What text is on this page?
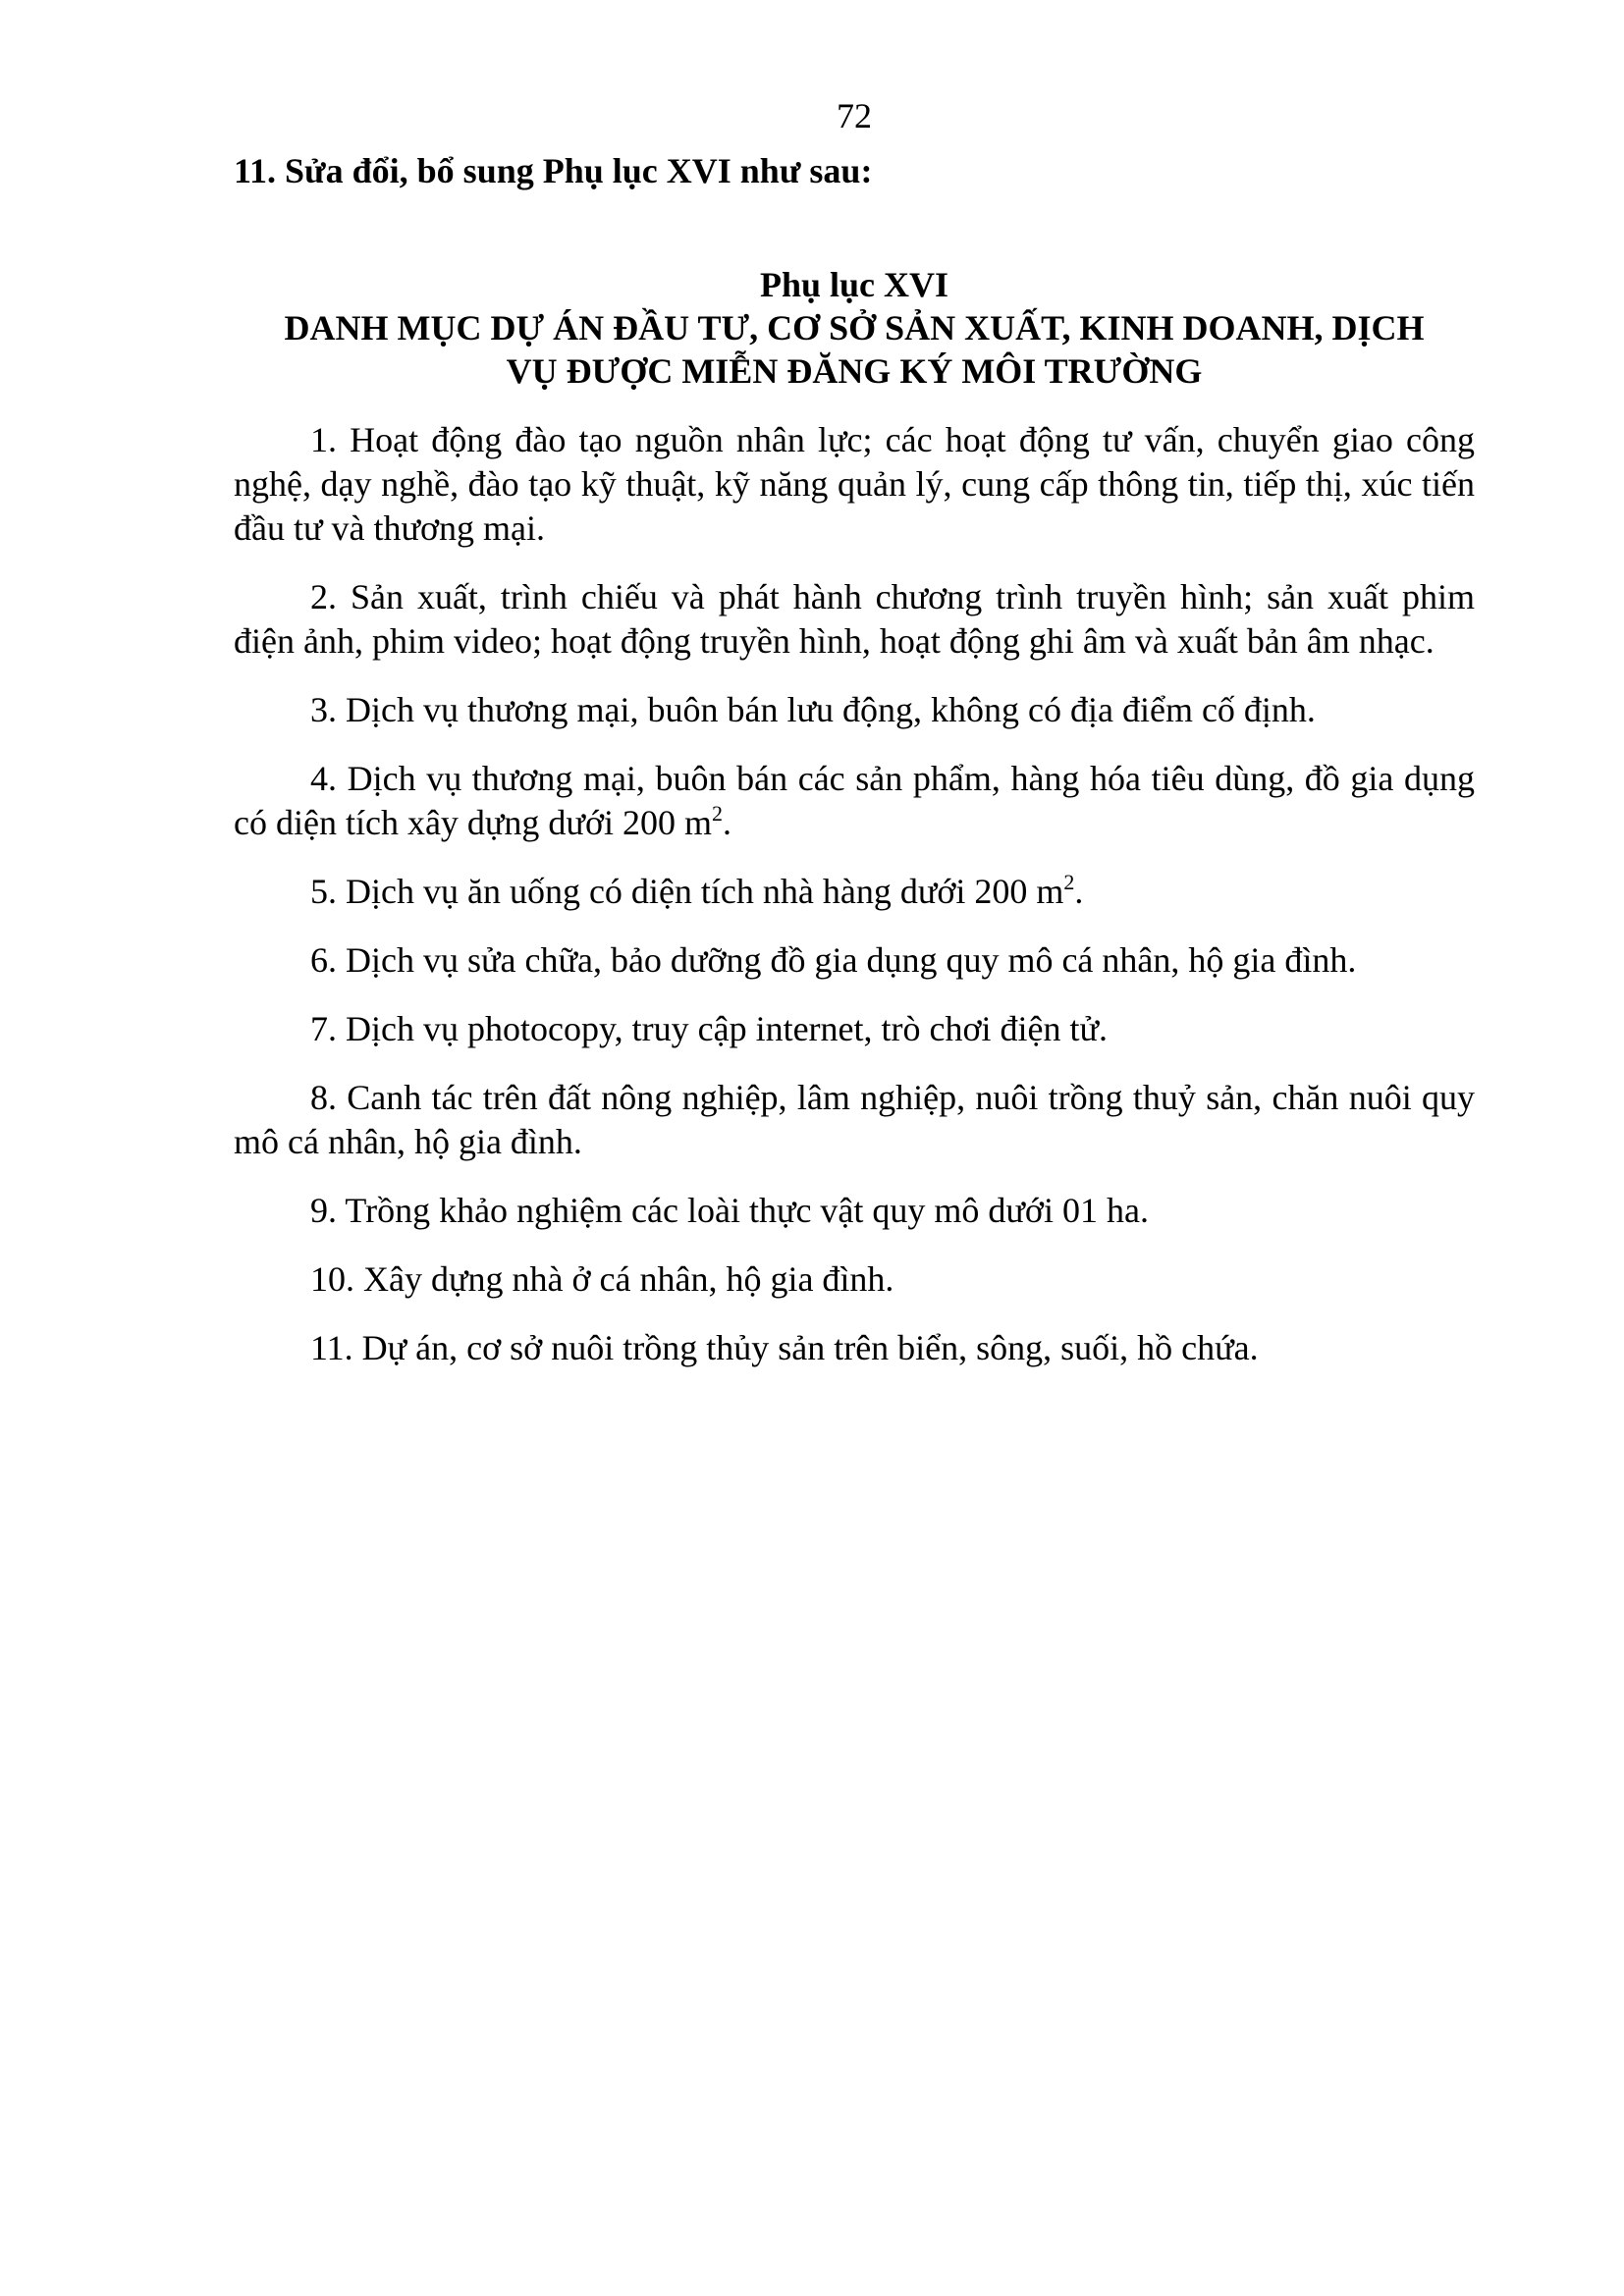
72

11. Sửa đổi, bổ sung Phụ lục XVI như sau:

Phụ lục XVI
DANH MỤC DỰ ÁN ĐẦU TƯ, CƠ SỞ SẢN XUẤT, KINH DOANH, DỊCH
VỤ ĐƯỢC MIỄN ĐĂNG KÝ MÔI TRƯỜNG

1. Hoạt động đào tạo nguồn nhân lực; các hoạt động tư vấn, chuyển giao công nghệ, dạy nghề, đào tạo kỹ thuật, kỹ năng quản lý, cung cấp thông tin, tiếp thị, xúc tiến đầu tư và thương mại.

2. Sản xuất, trình chiếu và phát hành chương trình truyền hình; sản xuất phim điện ảnh, phim video; hoạt động truyền hình, hoạt động ghi âm và xuất bản âm nhạc.

3. Dịch vụ thương mại, buôn bán lưu động, không có địa điểm cố định.

4. Dịch vụ thương mại, buôn bán các sản phẩm, hàng hóa tiêu dùng, đồ gia dụng có diện tích xây dựng dưới 200 $m^2$.

5. Dịch vụ ăn uống có diện tích nhà hàng dưới 200 $m^2$.

6. Dịch vụ sửa chữa, bảo dưỡng đồ gia dụng quy mô cá nhân, hộ gia đình.

7. Dịch vụ photocopy, truy cập internet, trò chơi điện tử.

8. Canh tác trên đất nông nghiệp, lâm nghiệp, nuôi trồng thuỷ sản, chăn nuôi quy mô cá nhân, hộ gia đình.

9. Trồng khảo nghiệm các loài thực vật quy mô dưới 01 ha.

10. Xây dựng nhà ở cá nhân, hộ gia đình.

11. Dự án, cơ sở nuôi trồng thủy sản trên biển, sông, suối, hồ chứa.
